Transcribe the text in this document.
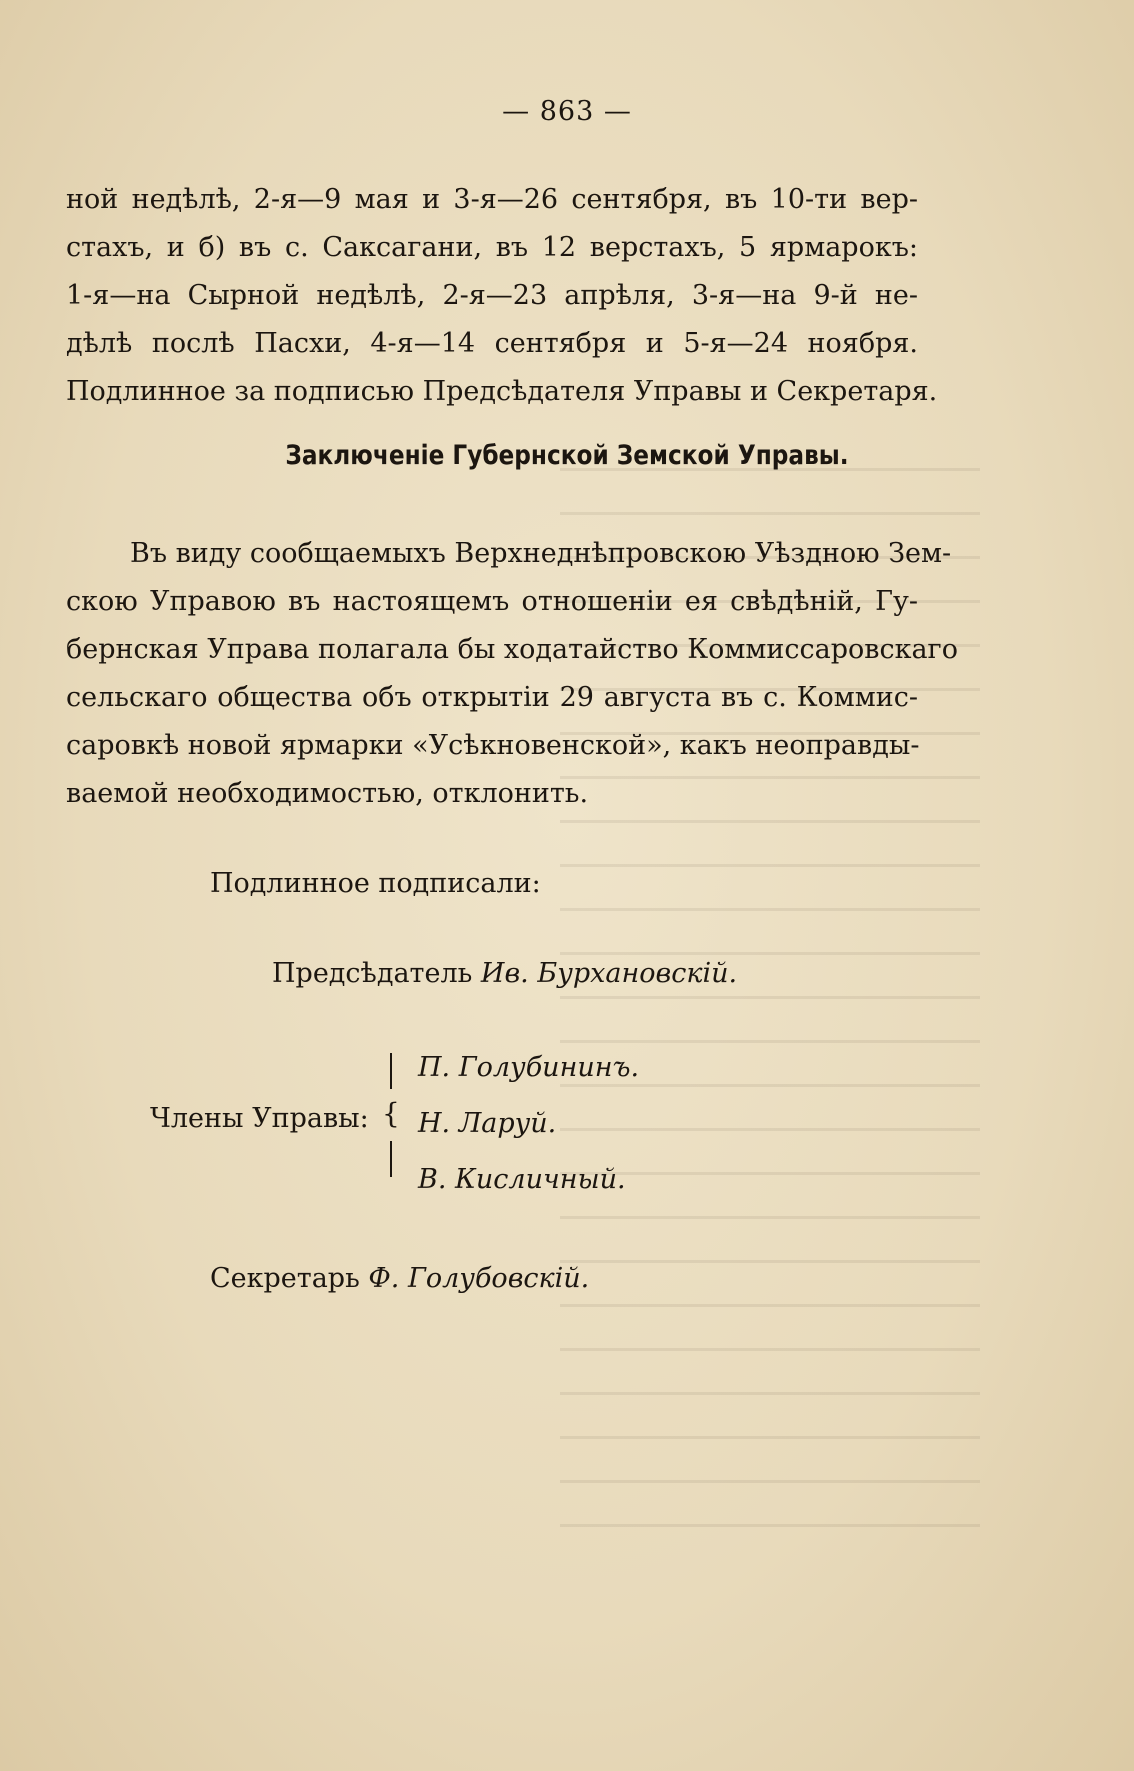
— 863 —
ной недѣлѣ, 2-я—9 мая и 3-я—26 сентября, въ 10-ти вер-
стахъ, и б) въ с. Саксагани, въ 12 верстахъ, 5 ярмарокъ:
1-я—на Сырной недѣлѣ, 2-я—23 апрѣля, 3-я—на 9-й не-
дѣлѣ послѣ Пасхи, 4-я—14 сентября и 5-я—24 ноября.
Подлинное за подписью Предсѣдателя Управы и Секретаря.
Заключеніе Губернской Земской Управы.
Въ виду сообщаемыхъ Верхнеднѣпровскою Уѣздною Зем-
скою Управою въ настоящемъ отношеніи ея свѣдѣній, Гу-
бернская Управа полагала бы ходатайство Коммиссаровскаго
сельскаго общества объ открытіи 29 августа въ с. Коммис-
саровкѣ новой ярмарки «Усѣкновенской», какъ неоправды-
ваемой необходимостью, отклонить.
Подлинное подписали:
Предсѣдатель Ив. Бурхановскій.
Члены Управы: {
П. Голубининъ.
Н. Ларуй.
В. Кисличный.
Секретарь Ф. Голубовскій.
